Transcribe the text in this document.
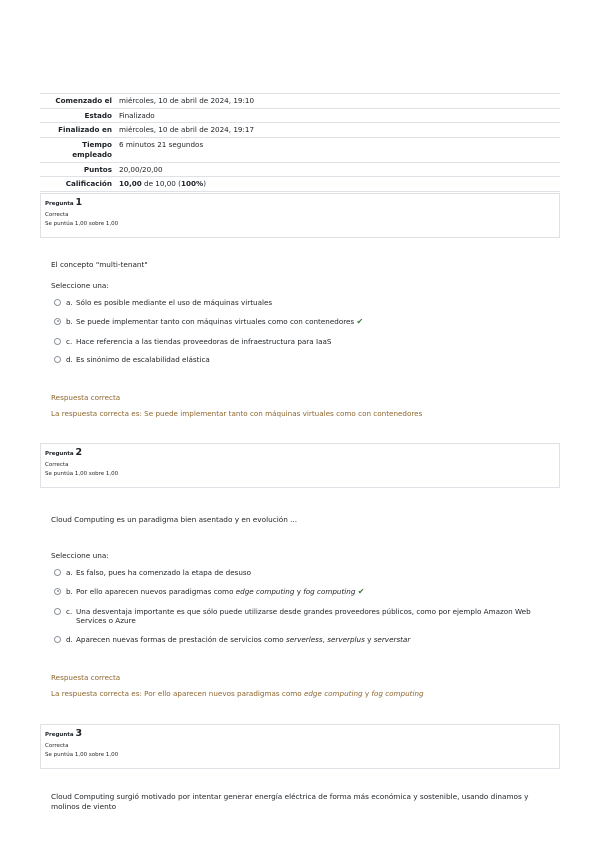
Comenzado el	miércoles, 10 de abril de 2024, 19:10
Estado	Finalizado
Finalizado en	miércoles, 10 de abril de 2024, 19:17
Tiempo empleado	6 minutos 21 segundos
Puntos	20,00/20,00
Calificación	10,00 de 10,00 (100%)
Pregunta 1
Correcta
Se puntúa 1,00 sobre 1,00
El concepto "multi-tenant"
Seleccione una:
a. Sólo es posible mediante el uso de máquinas virtuales
b. Se puede implementar tanto con máquinas virtuales como con contenedores ✔
c. Hace referencia a las tiendas proveedoras de infraestructura para IaaS
d. Es sinónimo de escalabilidad elástica
Respuesta correcta
La respuesta correcta es: Se puede implementar tanto con máquinas virtuales como con contenedores
Pregunta 2
Correcta
Se puntúa 1,00 sobre 1,00
Cloud Computing es un paradigma bien asentado y en evolución ...
Seleccione una:
a. Es falso, pues ha comenzado la etapa de desuso
b. Por ello aparecen nuevos paradigmas como edge computing y fog computing ✔
c. Una desventaja importante es que sólo puede utilizarse desde grandes proveedores públicos, como por ejemplo Amazon Web Services o Azure
d. Aparecen nuevas formas de prestación de servicios como serverless, serverplus y serverstar
Respuesta correcta
La respuesta correcta es: Por ello aparecen nuevos paradigmas como edge computing y fog computing
Pregunta 3
Correcta
Se puntúa 1,00 sobre 1,00
Cloud Computing surgió motivado por intentar generar energía eléctrica de forma más económica y sostenible, usando dinamos y molinos de viento
